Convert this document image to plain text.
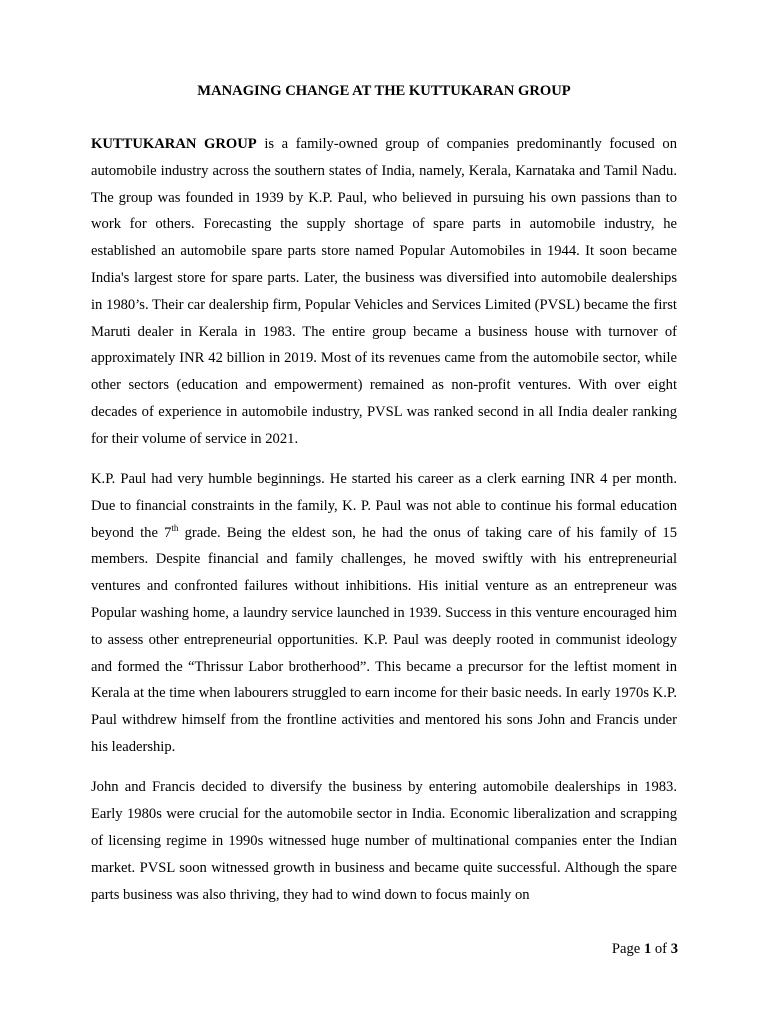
MANAGING CHANGE AT THE KUTTUKARAN GROUP

KUTTUKARAN GROUP is a family-owned group of companies predominantly focused on automobile industry across the southern states of India, namely, Kerala, Karnataka and Tamil Nadu. The group was founded in 1939 by K.P. Paul, who believed in pursuing his own passions than to work for others. Forecasting the supply shortage of spare parts in automobile industry, he established an automobile spare parts store named Popular Automobiles in 1944. It soon became India's largest store for spare parts. Later, the business was diversified into automobile dealerships in 1980’s. Their car dealership firm, Popular Vehicles and Services Limited (PVSL) became the first Maruti dealer in Kerala in 1983. The entire group became a business house with turnover of approximately INR 42 billion in 2019. Most of its revenues came from the automobile sector, while other sectors (education and empowerment) remained as non-profit ventures. With over eight decades of experience in automobile industry, PVSL was ranked second in all India dealer ranking for their volume of service in 2021.

K.P. Paul had very humble beginnings. He started his career as a clerk earning INR 4 per month. Due to financial constraints in the family, K. P. Paul was not able to continue his formal education beyond the 7th grade. Being the eldest son, he had the onus of taking care of his family of 15 members. Despite financial and family challenges, he moved swiftly with his entrepreneurial ventures and confronted failures without inhibitions. His initial venture as an entrepreneur was Popular washing home, a laundry service launched in 1939. Success in this venture encouraged him to assess other entrepreneurial opportunities. K.P. Paul was deeply rooted in communist ideology and formed the “Thrissur Labor brotherhood”. This became a precursor for the leftist moment in Kerala at the time when labourers struggled to earn income for their basic needs. In early 1970s K.P. Paul withdrew himself from the frontline activities and mentored his sons John and Francis under his leadership.

John and Francis decided to diversify the business by entering automobile dealerships in 1983. Early 1980s were crucial for the automobile sector in India. Economic liberalization and scrapping of licensing regime in 1990s witnessed huge number of multinational companies enter the Indian market. PVSL soon witnessed growth in business and became quite successful. Although the spare parts business was also thriving, they had to wind down to focus mainly on

Page 1 of 3
